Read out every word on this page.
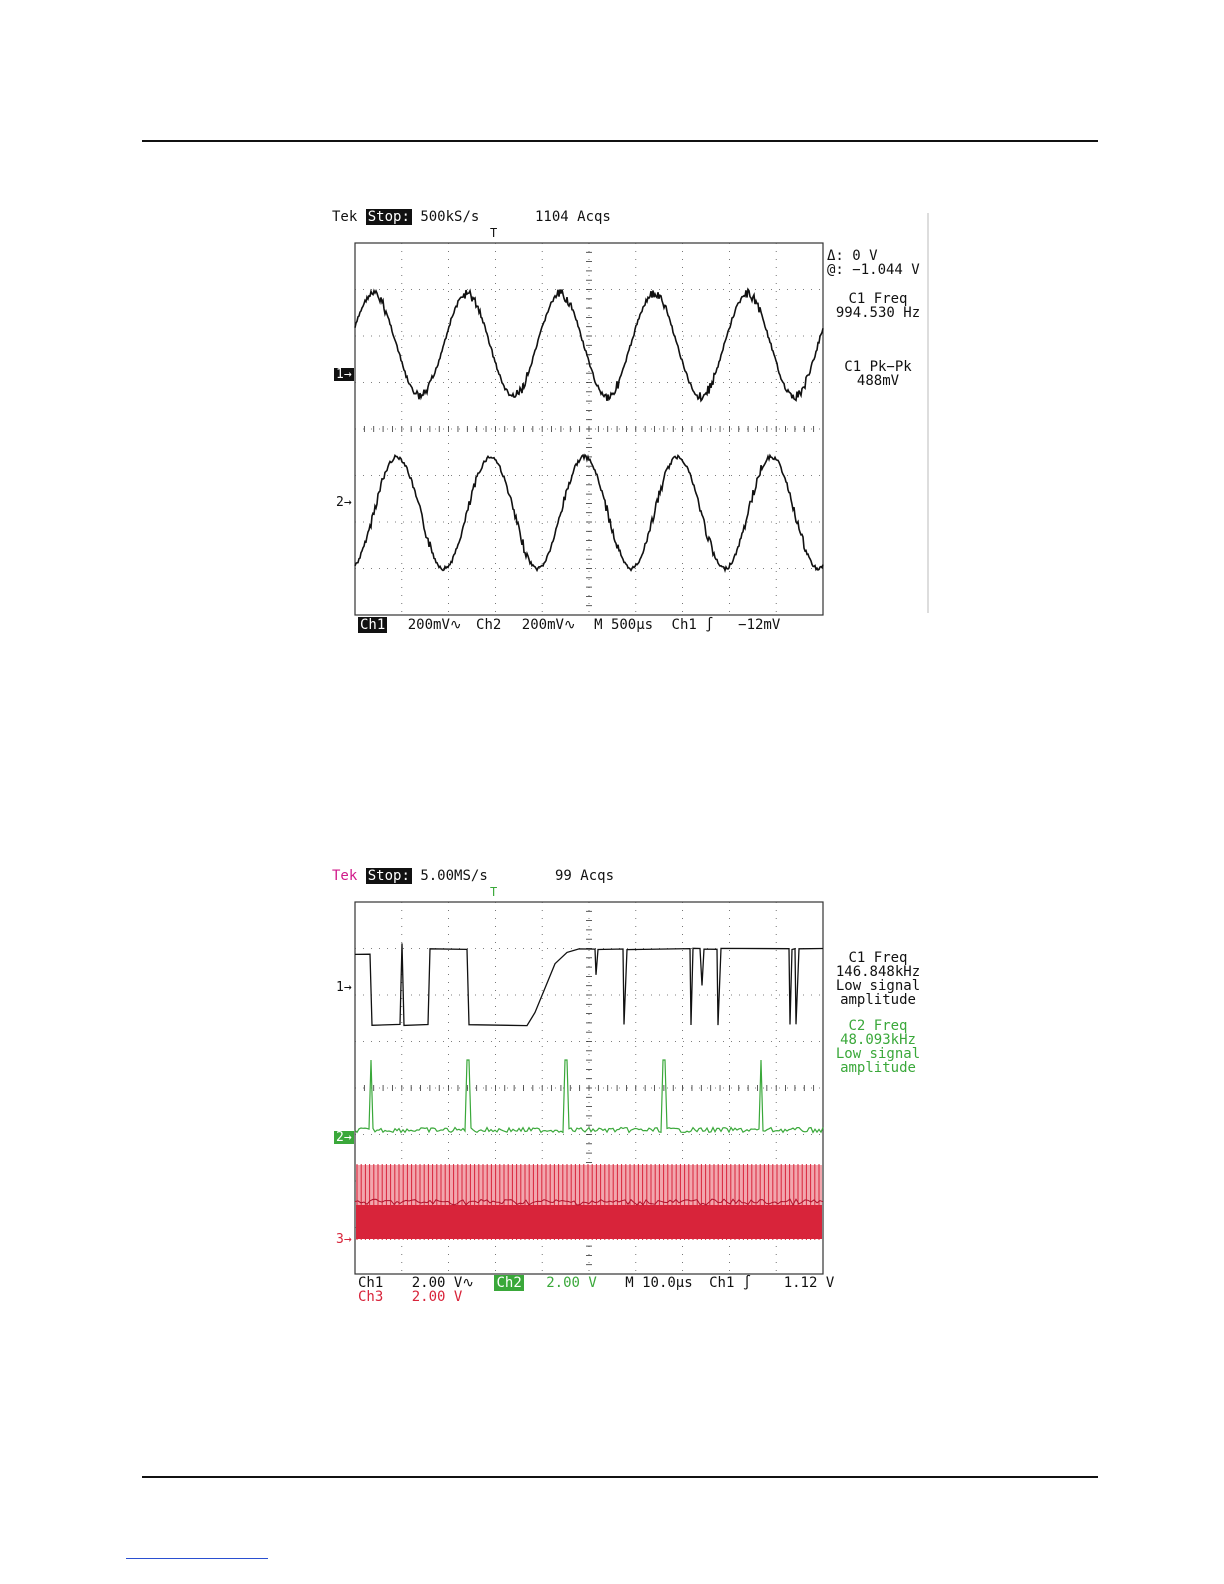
Tek Stop: 500kS/s	1104 Acqs
T
Δ: 0 V
@: −1.044 V
C1 Freq
994.530 Hz
C1 Pk−Pk
488mV
1→
2→
Ch1 200mV∿ Ch2 200mV∿ M 500µs Ch1 ∫ −12mV
Tek Stop: 5.00MS/s	99 Acqs
T
C1 Freq
146.848kHz
Low signal
amplitude
C2 Freq
48.093kHz
Low signal
amplitude
1→
2→
3→
Ch1 2.00 V∿ Ch2 2.00 V M 10.0µs Ch1 ∫ 1.12 V
Ch3 2.00 V
